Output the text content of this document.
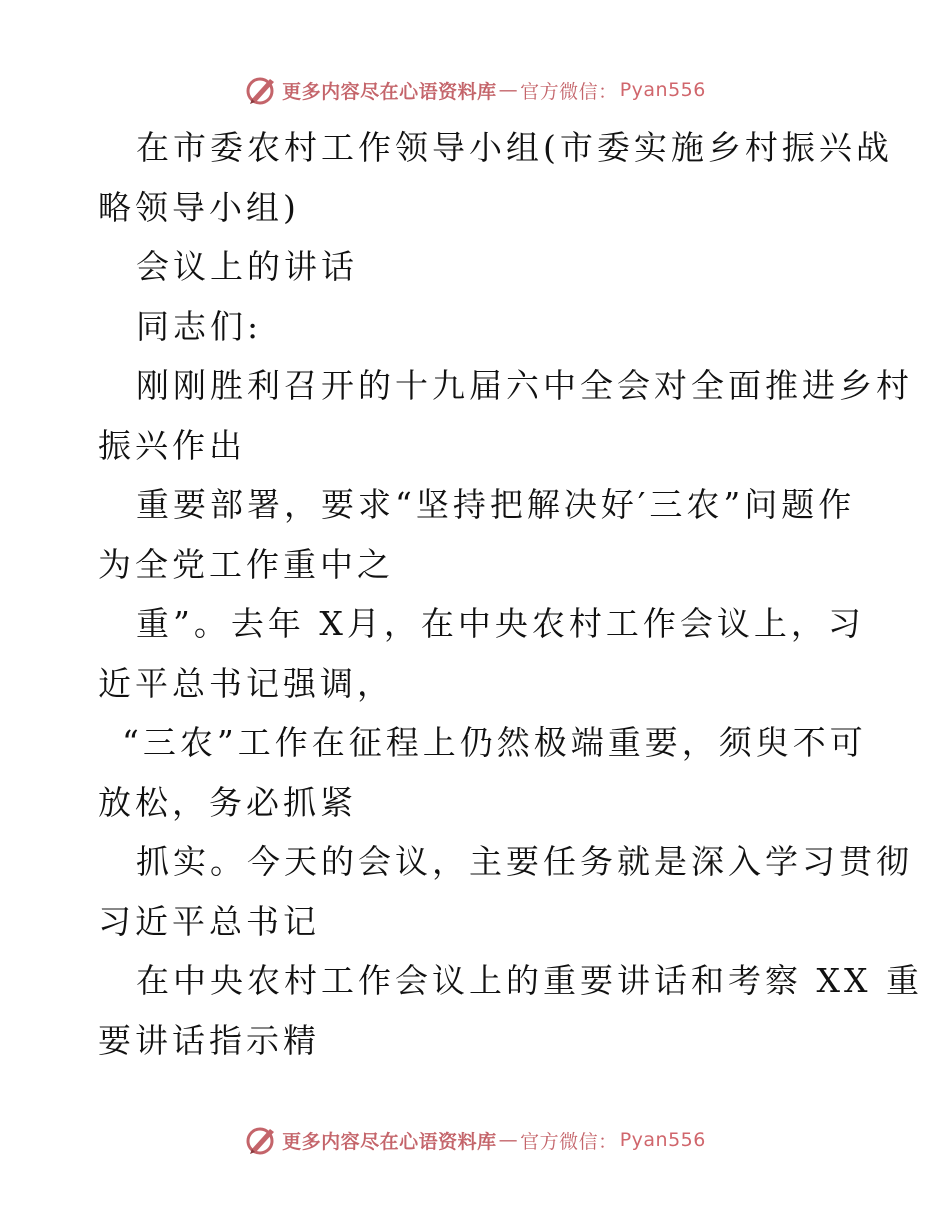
更多内容尽在心语资料库 — 官方微信： Pyan556
在市委农村工作领导小组(市委实施乡村振兴战
略领导小组)
会议上的讲话
同志们:
刚刚胜利召开的十九届六中全会对全面推进乡村
振兴作出
重要部署，要求“坚持把解决好′三农”问题作
为全党工作重中之
重”。去年 X月，在中央农村工作会议上，习
近平总书记强调，
“三农”工作在征程上仍然极端重要，须臾不可
放松，务必抓紧
抓实。今天的会议，主要任务就是深入学习贯彻
习近平总书记
在中央农村工作会议上的重要讲话和考察 XX 重
要讲话指示精
更多内容尽在心语资料库 — 官方微信： Pyan556
